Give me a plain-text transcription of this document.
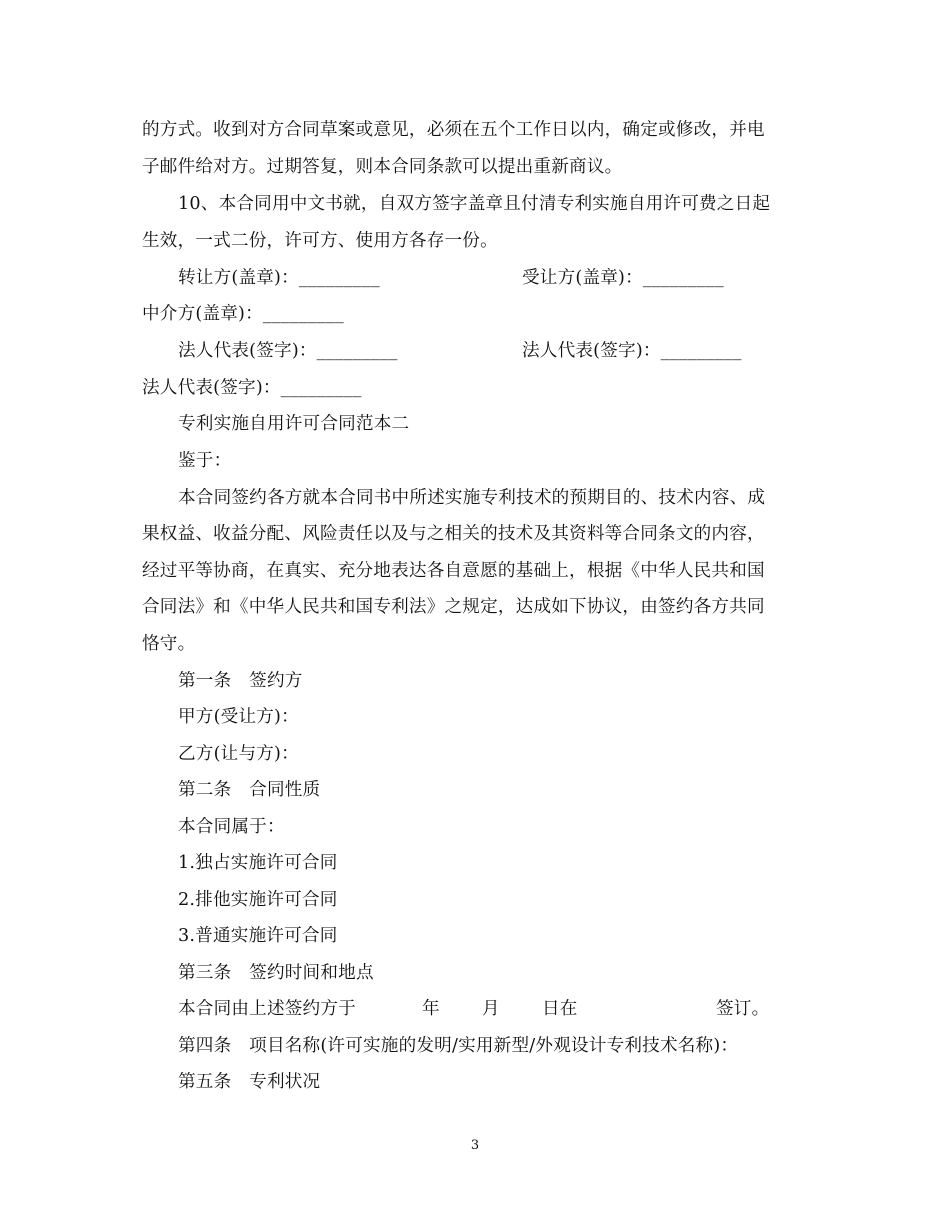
的方式。收到对方合同草案或意见，必须在五个工作日以内，确定或修改，并电
子邮件给对方。过期答复，则本合同条款可以提出重新商议。
10、本合同用中文书就，自双方签字盖章且付清专利实施自用许可费之日起
生效，一式二份，许可方、使用方各存一份。
转让方(盖章)：_________	受让方(盖章)：_________
中介方(盖章)：_________
法人代表(签字)：_________	法人代表(签字)：_________
法人代表(签字)：_________
专利实施自用许可合同范本二
鉴于：
本合同签约各方就本合同书中所述实施专利技术的预期目的、技术内容、成
果权益、收益分配、风险责任以及与之相关的技术及其资料等合同条文的内容，
经过平等协商，在真实、充分地表达各自意愿的基础上，根据《中华人民共和国
合同法》和《中华人民共和国专利法》之规定，达成如下协议，由签约各方共同
恪守。
第一条　签约方
甲方(受让方)：
乙方(让与方)：
第二条　合同性质
本合同属于：
1.独占实施许可合同
2.排他实施许可合同
3.普通实施许可合同
第三条　签约时间和地点
本合同由上述签约方于	年 月 日在	签订。
第四条　项目名称(许可实施的发明/实用新型/外观设计专利技术名称)：
第五条　专利状况
3
